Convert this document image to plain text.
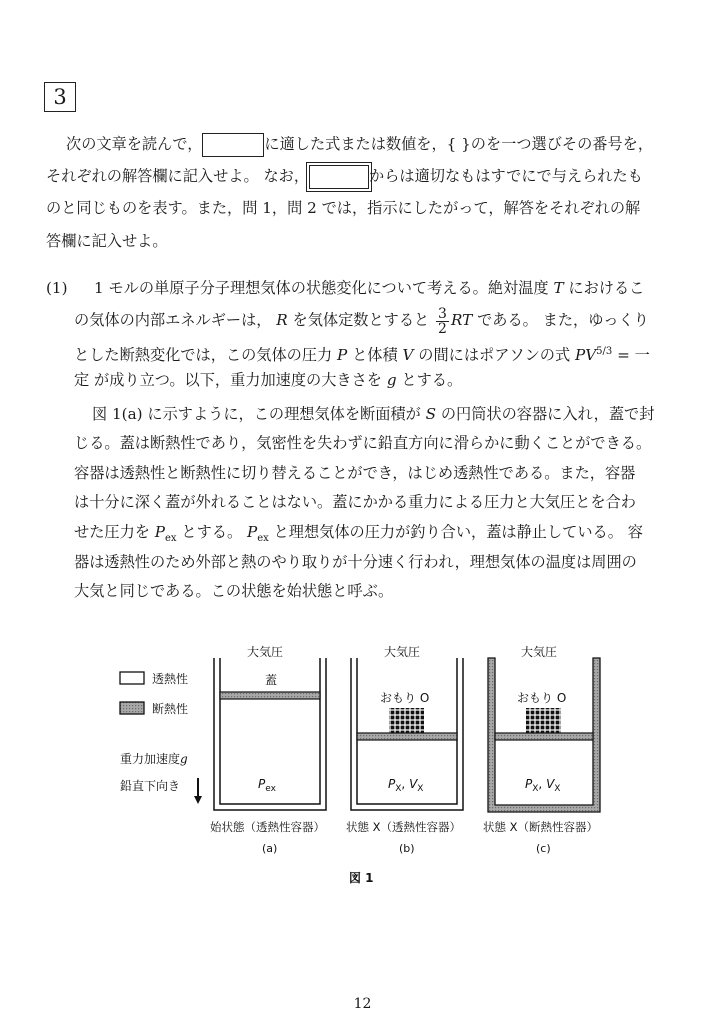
3
次の文章を読んで，	に適した式または数値を，{ }のを一つ選びその番号を，
それぞれの解答欄に記入せよ。 なお，	からは適切なもはすでにで与えられたも
のと同じものを表す。また，問 1，問 2 では，指示にしたがって，解答をそれぞれの解
答欄に記入せよ。
(1) 1 モルの単原子分子理想気体の状態変化について考える。絶対温度 T におけるこ
の気体の内部エネルギーは， R を気体定数とすると $\frac{3}{2}$ RT である。 また，ゆっくり
とした断熱変化では，この気体の圧力 P と体積 V の間にはポアソンの式 $PV^{5/3}$ = 一
定 が成り立つ。以下，重力加速度の大きさを g とする。
図 1(a) に示すように，この理想気体を断面積が S の円筒状の容器に入れ，蓋で封
じる。蓋は断熱性であり，気密性を失わずに鉛直方向に滑らかに動くことができる。
容器は透熱性と断熱性に切り替えることができ，はじめ透熱性である。また，容器
は十分に深く蓋が外れることはない。蓋にかかる重力による圧力と大気圧とを合わ
せた圧力を $P_{ex}$ とする。 $P_{ex}$ と理想気体の圧力が釣り合い，蓋は静止している。 容
器は透熱性のため外部と熱のやり取りが十分速く行われ，理想気体の温度は周囲の
大気と同じである。この状態を始状態と呼ぶ。
透熱性
断熱性
重力加速度g
鉛直下向き
大気圧
蓋
$P_{ex}$
始状態（透熱性容器）
(a)
大気圧
おもり O
$P_X$, $V_X$
状態 X（透熱性容器）
(b)
大気圧
おもり O
$P_X$, $V_X$
状態 X（断熱性容器）
(c)
図 1
12
